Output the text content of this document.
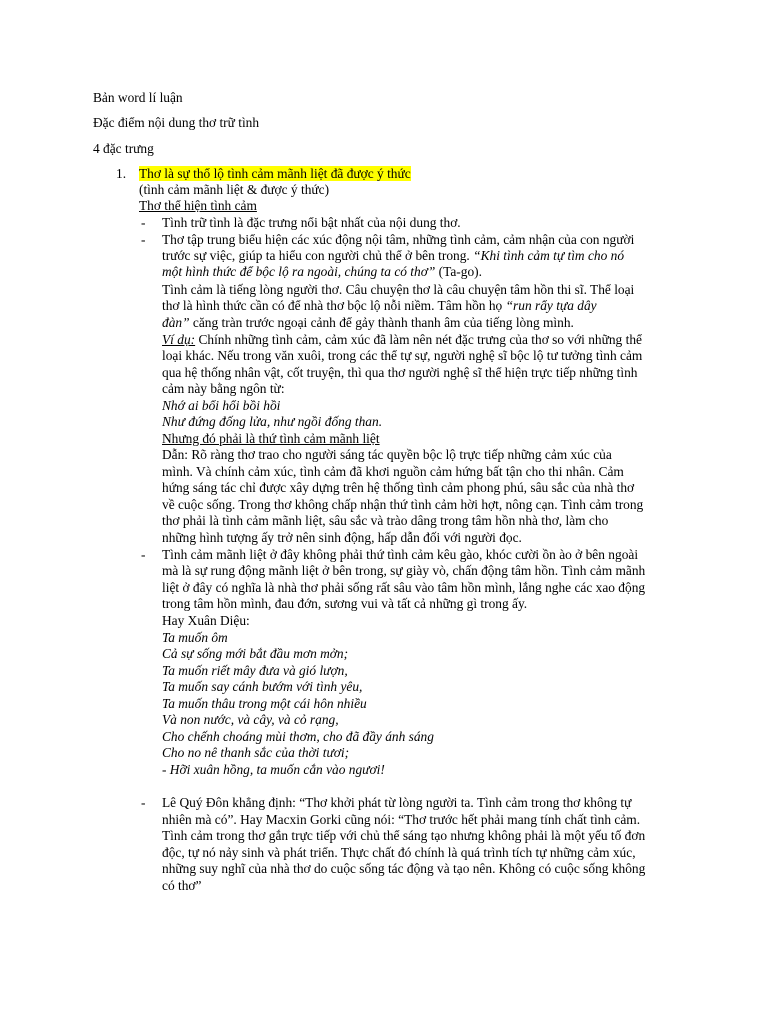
Bản word lí luận
Đặc điểm nội dung thơ trữ tình
4 đặc trưng
1. Thơ là sự thổ lộ tình cảm mãnh liệt đã được ý thức
(tình cảm mãnh liệt & được ý thức)
Thơ thể hiện tình cảm
- Tình trữ tình là đặc trưng nổi bật nhất của nội dung thơ.
- Thơ tập trung biểu hiện các xúc động nội tâm, những tình cảm, cảm nhận của con người
trước sự việc, giúp ta hiểu con người chủ thể ở bên trong. “Khi tình cảm tự tìm cho nó
một hình thức để bộc lộ ra ngoài, chúng ta có thơ” (Ta-go).
Tình cảm là tiếng lòng người thơ. Câu chuyện thơ là câu chuyện tâm hồn thi sĩ. Thể loại
thơ là hình thức cần có để nhà thơ bộc lộ nỗi niềm. Tâm hồn họ “run rẩy tựa dây
đàn” căng tràn trước ngoại cảnh để gảy thành thanh âm của tiếng lòng mình.
Ví dụ: Chính những tình cảm, cảm xúc đã làm nên nét đặc trưng của thơ so với những thể
loại khác. Nếu trong văn xuôi, trong các thể tự sự, người nghệ sĩ bộc lộ tư tưởng tình cảm
qua hệ thống nhân vật, cốt truyện, thì qua thơ người nghệ sĩ thể hiện trực tiếp những tình
cảm này bằng ngôn từ:
Nhớ ai bổi hổi bồi hồi
Như đứng đống lửa, như ngồi đống than.
Nhưng đó phải là thứ tình cảm mãnh liệt
Dẫn: Rõ ràng thơ trao cho người sáng tác quyền bộc lộ trực tiếp những cảm xúc của
mình. Và chính cảm xúc, tình cảm đã khơi nguồn cảm hứng bất tận cho thi nhân. Cảm
hứng sáng tác chỉ được xây dựng trên hệ thống tình cảm phong phú, sâu sắc của nhà thơ
về cuộc sống. Trong thơ không chấp nhận thứ tình cảm hời hợt, nông cạn. Tình cảm trong
thơ phải là tình cảm mãnh liệt, sâu sắc và trào dâng trong tâm hồn nhà thơ, làm cho
những hình tượng ấy trở nên sinh động, hấp dẫn đối với người đọc.
- Tình cảm mãnh liệt ở đây không phải thứ tình cảm kêu gào, khóc cười ồn ào ở bên ngoài
mà là sự rung động mãnh liệt ở bên trong, sự giày vò, chấn động tâm hồn. Tình cảm mãnh
liệt ở đây có nghĩa là nhà thơ phải sống rất sâu vào tâm hồn mình, lắng nghe các xao động
trong tâm hồn mình, đau đớn, sương vui và tất cả những gì trong ấy.
Hay Xuân Diệu:
Ta muốn ôm
Cả sự sống mới bắt đầu mơn mởn;
Ta muốn riết mây đưa và gió lượn,
Ta muốn say cánh bướm với tình yêu,
Ta muốn thâu trong một cái hôn nhiều
Và non nước, và cây, và cỏ rạng,
Cho chếnh choáng mùi thơm, cho đã đầy ánh sáng
Cho no nê thanh sắc của thời tươi;
- Hỡi xuân hồng, ta muốn cắn vào ngươi!
- Lê Quý Đôn khẳng định: “Thơ khởi phát từ lòng người ta. Tình cảm trong thơ không tự
nhiên mà có”. Hay Macxin Gorki cũng nói: “Thơ trước hết phải mang tính chất tình cảm.
Tình cảm trong thơ gắn trực tiếp với chủ thể sáng tạo nhưng không phải là một yếu tố đơn
độc, tự nó nảy sinh và phát triển. Thực chất đó chính là quá trình tích tự những cảm xúc,
những suy nghĩ của nhà thơ do cuộc sống tác động và tạo nên. Không có cuộc sống không
có thơ”
